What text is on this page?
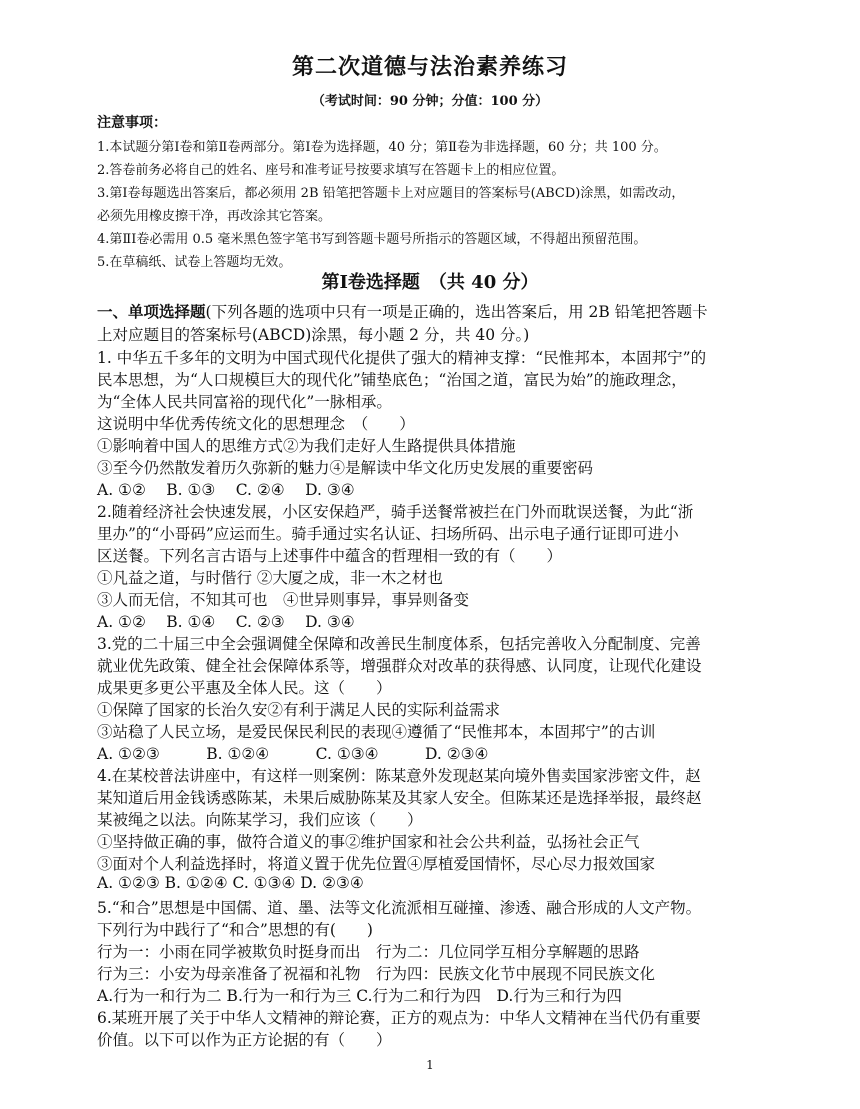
第二次道德与法治素养练习
（考试时间：90 分钟；分值：100 分）
注意事项：
1.本试题分第Ⅰ卷和第Ⅱ卷两部分。第Ⅰ卷为选择题，40 分；第Ⅱ卷为非选择题，60 分；共 100 分。
2.答卷前务必将自己的姓名、座号和准考证号按要求填写在答题卡上的相应位置。
3.第Ⅰ卷每题选出答案后，都必须用 2B 铅笔把答题卡上对应题目的答案标号(ABCD)涂黑，如需改动，
必须先用橡皮擦干净，再改涂其它答案。
4.第ⅡⅠ卷必需用 0.5 毫米黑色签字笔书写到答题卡题号所指示的答题区域，不得超出预留范围。
5.在草稿纸、试卷上答题均无效。
第Ⅰ卷选择题　（共 40 分）
一、单项选择题(下列各题的选项中只有一项是正确的，选出答案后，用 2B 铅笔把答题卡
上对应题目的答案标号(ABCD)涂黑，每小题 2 分，共 40 分。)
1. 中华五千多年的文明为中国式现代化提供了强大的精神支撑：“民惟邦本，本固邦宁”的
民本思想，为“人口规模巨大的现代化”铺垫底色；“治国之道，富民为始”的施政理念，
为“全体人民共同富裕的现代化”一脉相承。
这说明中华优秀传统文化的思想理念　（　　）
①影响着中国人的思维方式②为我们走好人生路提供具体措施
③至今仍然散发着历久弥新的魅力④是解读中华文化历史发展的重要密码
A. ①②　 B. ①③　 C. ②④　 D. ③④
2.随着经济社会快速发展，小区安保趋严，骑手送餐常被拦在门外而耽误送餐，为此“浙
里办”的“小哥码”应运而生。骑手通过实名认证、扫场所码、出示电子通行证即可进小
区送餐。下列名言古语与上述事件中蕴含的哲理相一致的有（　　）
①凡益之道，与时偕行 ②大厦之成，非一木之材也
③人而无信，不知其可也　④世异则事异，事异则备变
A. ①②　 B. ①④　 C. ②③　 D. ③④
3.党的二十届三中全会强调健全保障和改善民生制度体系，包括完善收入分配制度、完善
就业优先政策、健全社会保障体系等，增强群众对改革的获得感、认同度，让现代化建设
成果更多更公平惠及全体人民。这（　　）
①保障了国家的长治久安②有利于满足人民的实际利益需求
③站稳了人民立场，是爱民保民利民的表现④遵循了“民惟邦本，本固邦宁”的古训
A. ①②③　　　B. ①②④　　　C. ①③④　　　D. ②③④
4.在某校普法讲座中，有这样一则案例：陈某意外发现赵某向境外售卖国家涉密文件，赵
某知道后用金钱诱惑陈某，未果后威胁陈某及其家人安全。但陈某还是选择举报，最终赵
某被绳之以法。向陈某学习，我们应该（　　）
①坚持做正确的事，做符合道义的事②维护国家和社会公共利益，弘扬社会正气
③面对个人利益选择时，将道义置于优先位置④厚植爱国情怀，尽心尽力报效国家
A. ①②③ B. ①②④ C. ①③④ D. ②③④
5.“和合”思想是中国儒、道、墨、法等文化流派相互碰撞、渗透、融合形成的人文产物。
下列行为中践行了“和合”思想的有(　　)
行为一：小雨在同学被欺负时挺身而出　行为二：几位同学互相分享解题的思路
行为三：小安为母亲准备了祝福和礼物　行为四：民族文化节中展现不同民族文化
A.行为一和行为二 B.行为一和行为三 C.行为二和行为四　D.行为三和行为四
6.某班开展了关于中华人文精神的辩论赛，正方的观点为：中华人文精神在当代仍有重要
价值。以下可以作为正方论据的有（　　）
1
